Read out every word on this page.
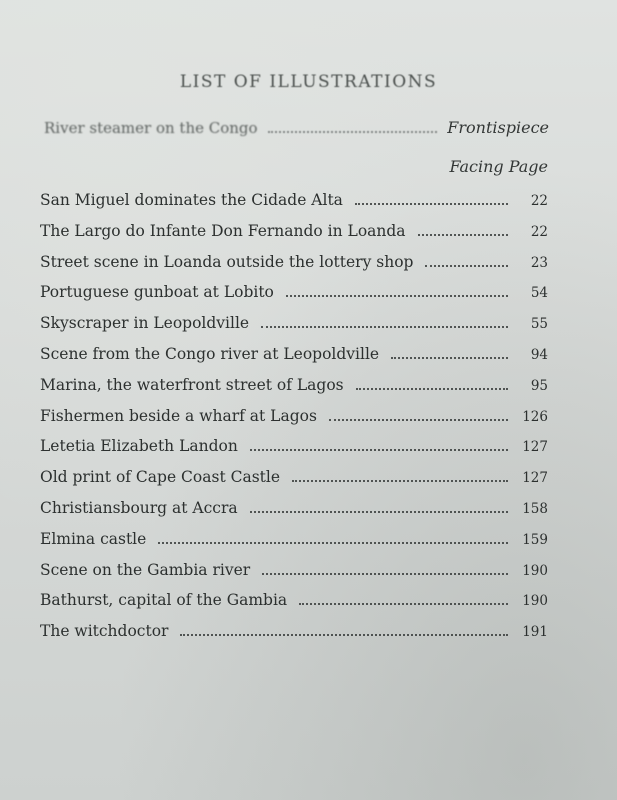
LIST OF ILLUSTRATIONS
River steamer on the Congo	Frontispiece
Facing Page
San Miguel dominates the Cidade Alta	22
The Largo do Infante Don Fernando in Loanda	22
Street scene in Loanda outside the lottery shop	23
Portuguese gunboat at Lobito	54
Skyscraper in Leopoldville	55
Scene from the Congo river at Leopoldville	94
Marina, the waterfront street of Lagos	95
Fishermen beside a wharf at Lagos	126
Letetia Elizabeth Landon	127
Old print of Cape Coast Castle	127
Christiansbourg at Accra	158
Elmina castle	159
Scene on the Gambia river	190
Bathurst, capital of the Gambia	190
The witchdoctor	191
